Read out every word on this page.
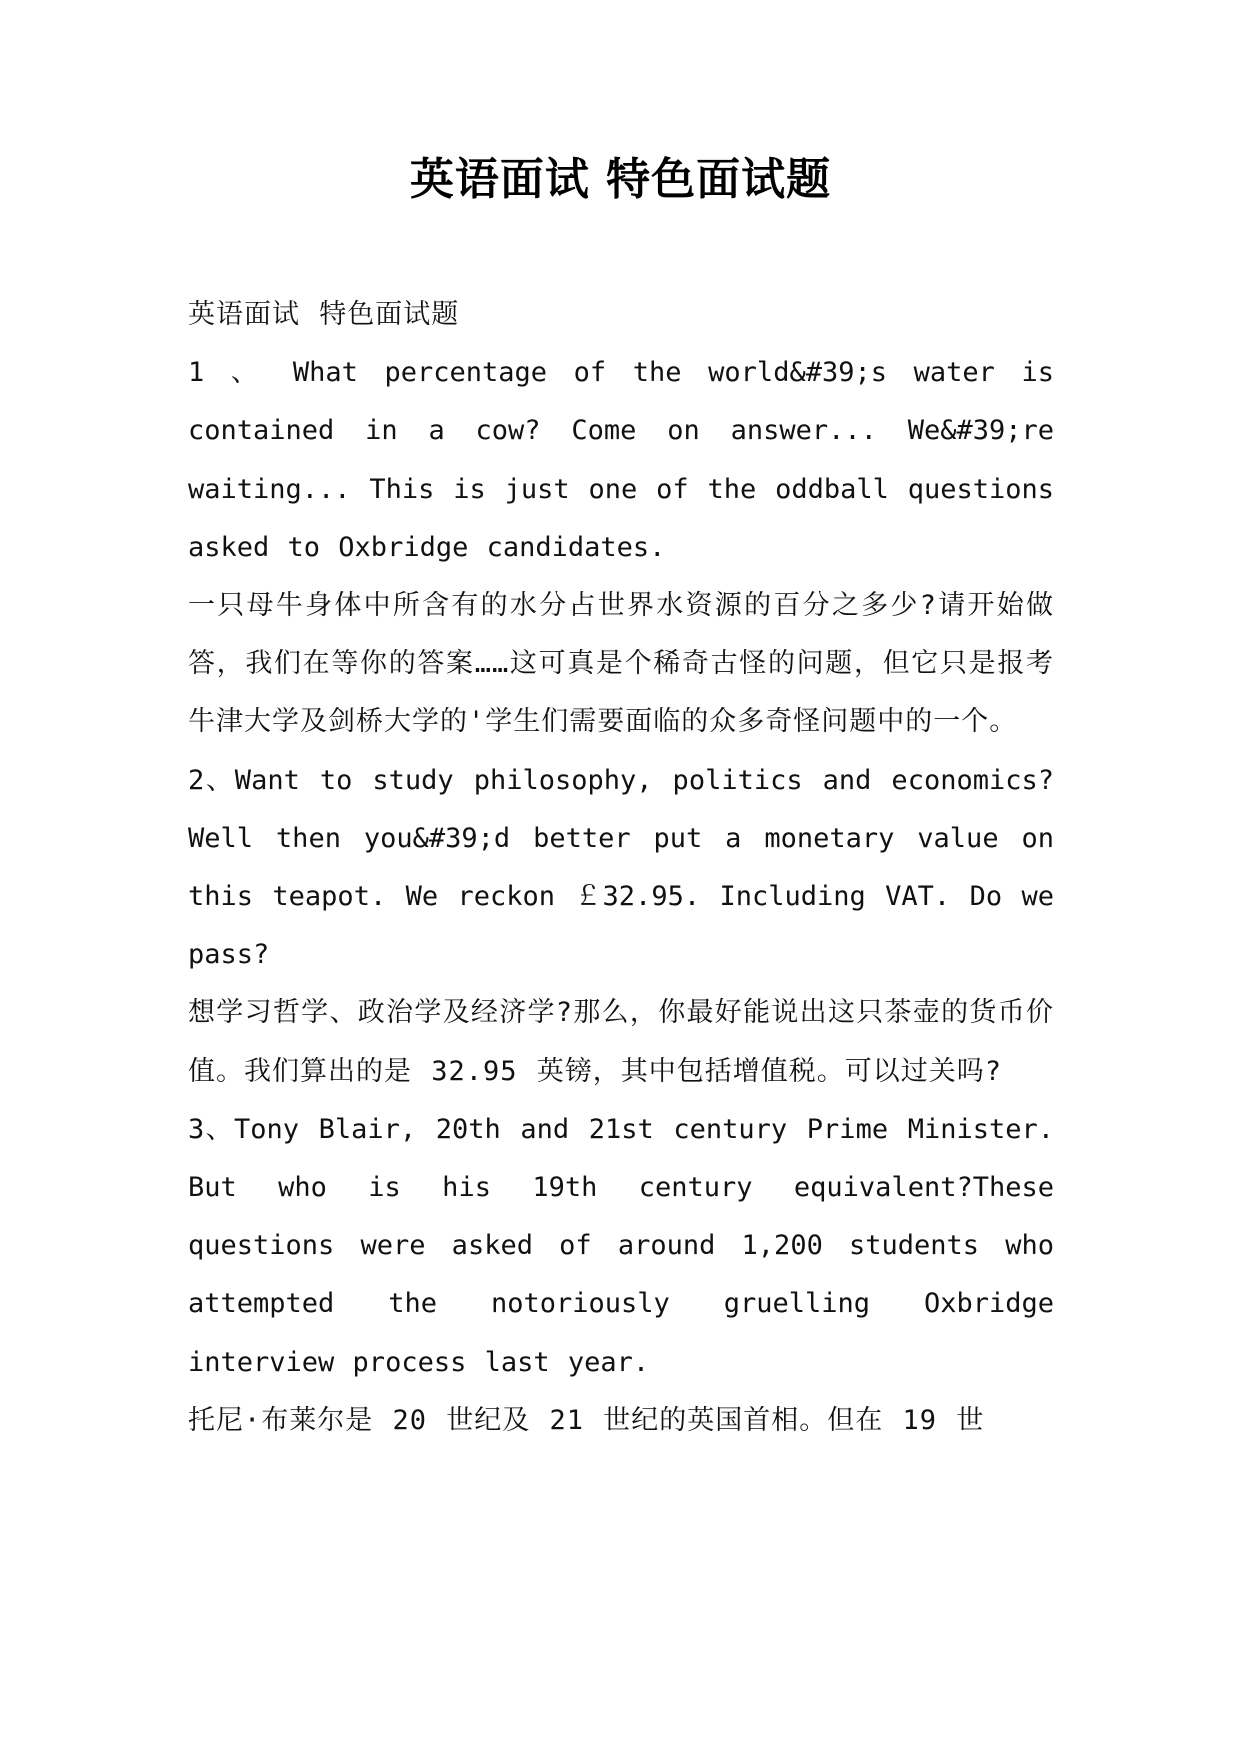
英语面试 特色面试题

英语面试 特色面试题

1 、 What percentage of the world&#39;s water is contained in a cow? Come on answer... We&#39;re waiting... This is just one of the oddball questions asked to Oxbridge candidates.

一只母牛身体中所含有的水分占世界水资源的百分之多少?请开始做答，我们在等你的答案……这可真是个稀奇古怪的问题，但它只是报考牛津大学及剑桥大学的'学生们需要面临的众多奇怪问题中的一个。

2、Want to study philosophy, politics and economics? Well then you&#39;d better put a monetary value on this teapot. We reckon ￡32.95. Including VAT. Do we pass?

想学习哲学、政治学及经济学?那么，你最好能说出这只茶壶的货币价值。我们算出的是 32.95 英镑，其中包括增值税。可以过关吗?

3、Tony Blair, 20th and 21st century Prime Minister. But who is his 19th century equivalent?These questions were asked of around 1,200 students who attempted the notoriously gruelling Oxbridge interview process last year.

托尼·布莱尔是 20 世纪及 21 世纪的英国首相。但在 19 世
